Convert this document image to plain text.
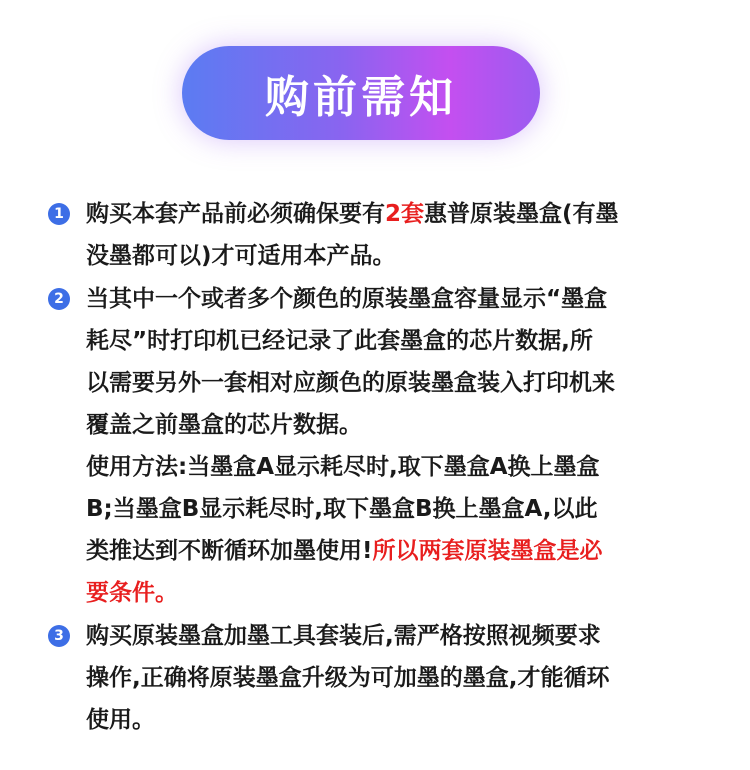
购前需知
1 购买本套产品前必须确保要有2套惠普原装墨盒(有墨
没墨都可以)才可适用本产品。
2 当其中一个或者多个颜色的原装墨盒容量显示“墨盒
耗尽”时打印机已经记录了此套墨盒的芯片数据,所
以需要另外一套相对应颜色的原装墨盒装入打印机来
覆盖之前墨盒的芯片数据。
使用方法:当墨盒A显示耗尽时,取下墨盒A换上墨盒
B;当墨盒B显示耗尽时,取下墨盒B换上墨盒A,以此
类推达到不断循环加墨使用!所以两套原装墨盒是必
要条件。
3 购买原装墨盒加墨工具套装后,需严格按照视频要求
操作,正确将原装墨盒升级为可加墨的墨盒,才能循环
使用。
